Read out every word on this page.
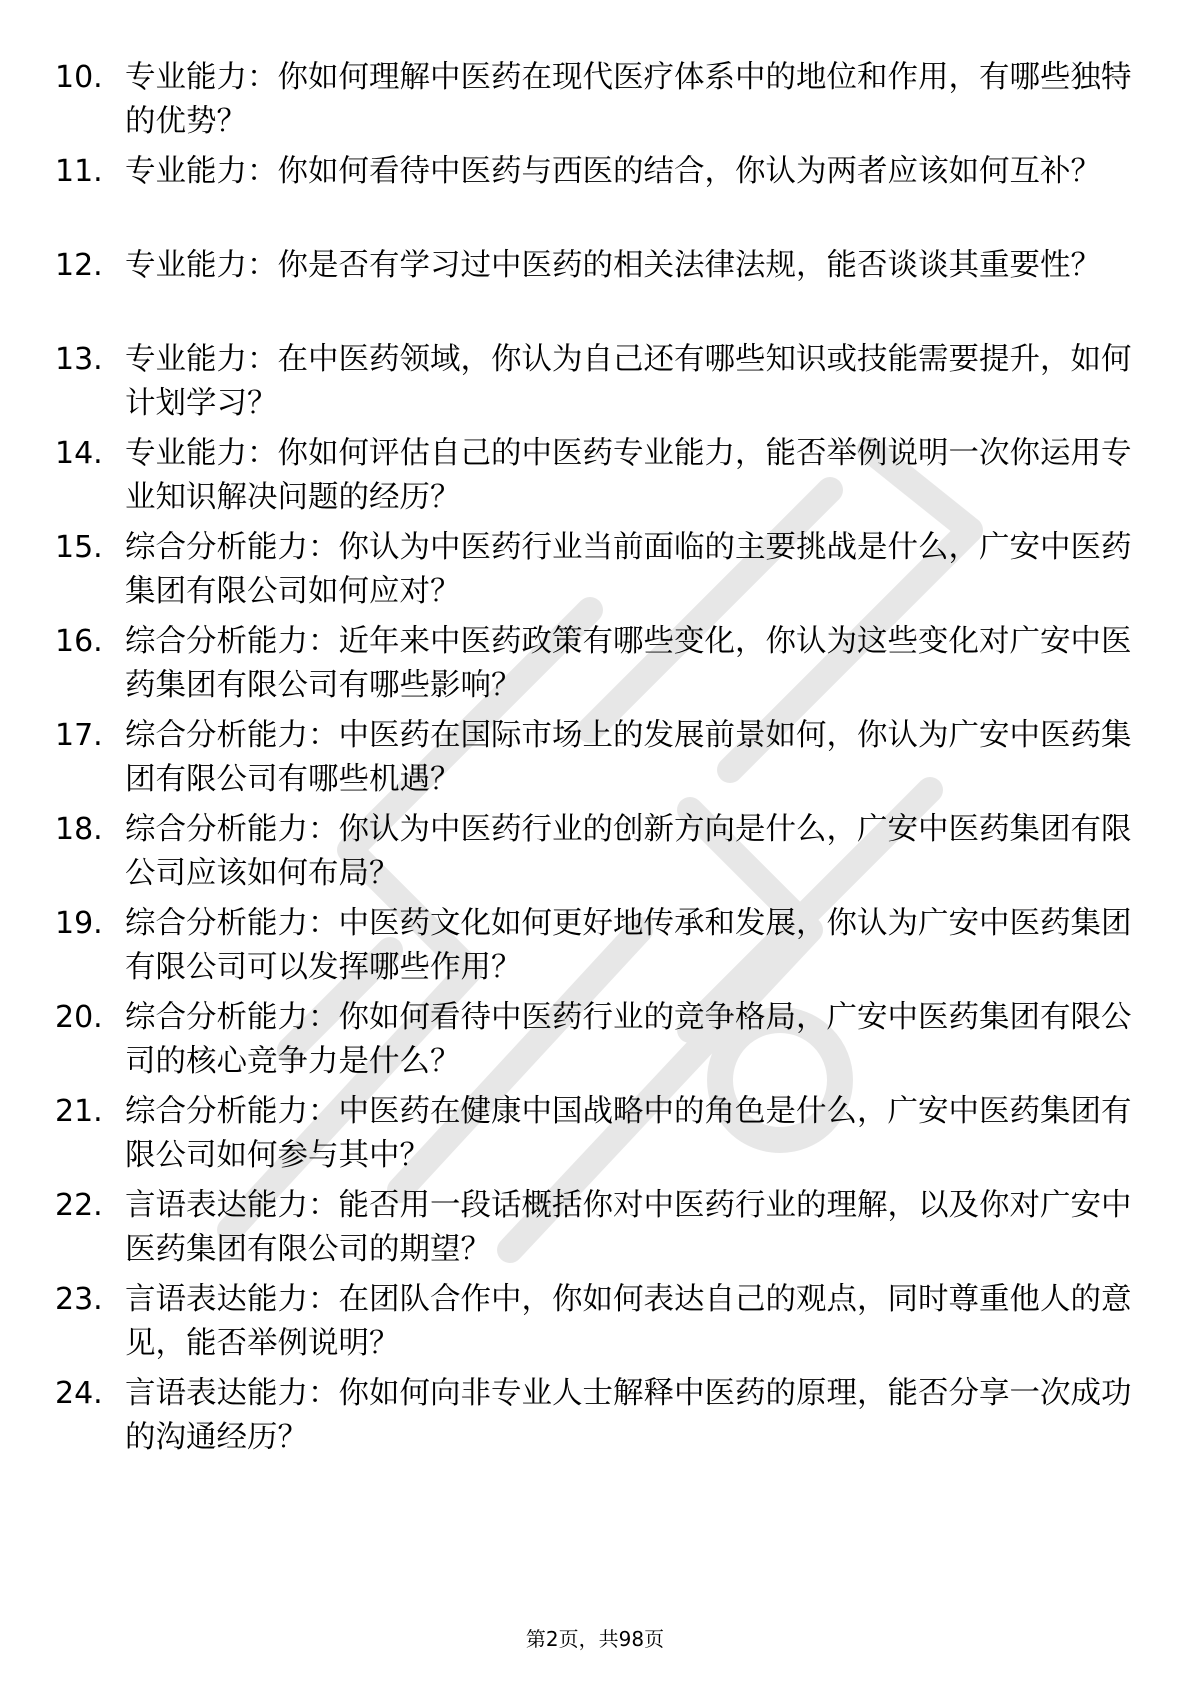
10. 专业能力：你如何理解中医药在现代医疗体系中的地位和作用，有哪些独特的优势？
11. 专业能力：你如何看待中医药与西医的结合，你认为两者应该如何互补？
12. 专业能力：你是否有学习过中医药的相关法律法规，能否谈谈其重要性？
13. 专业能力：在中医药领域，你认为自己还有哪些知识或技能需要提升，如何计划学习？
14. 专业能力：你如何评估自己的中医药专业能力，能否举例说明一次你运用专业知识解决问题的经历？
15. 综合分析能力：你认为中医药行业当前面临的主要挑战是什么，广安中医药集团有限公司如何应对？
16. 综合分析能力：近年来中医药政策有哪些变化，你认为这些变化对广安中医药集团有限公司有哪些影响？
17. 综合分析能力：中医药在国际市场上的发展前景如何，你认为广安中医药集团有限公司有哪些机遇？
18. 综合分析能力：你认为中医药行业的创新方向是什么，广安中医药集团有限公司应该如何布局？
19. 综合分析能力：中医药文化如何更好地传承和发展，你认为广安中医药集团有限公司可以发挥哪些作用？
20. 综合分析能力：你如何看待中医药行业的竞争格局，广安中医药集团有限公司的核心竞争力是什么？
21. 综合分析能力：中医药在健康中国战略中的角色是什么，广安中医药集团有限公司如何参与其中？
22. 言语表达能力：能否用一段话概括你对中医药行业的理解，以及你对广安中医药集团有限公司的期望？
23. 言语表达能力：在团队合作中，你如何表达自己的观点，同时尊重他人的意见，能否举例说明？
24. 言语表达能力：你如何向非专业人士解释中医药的原理，能否分享一次成功的沟通经历？
第2页，共98页
